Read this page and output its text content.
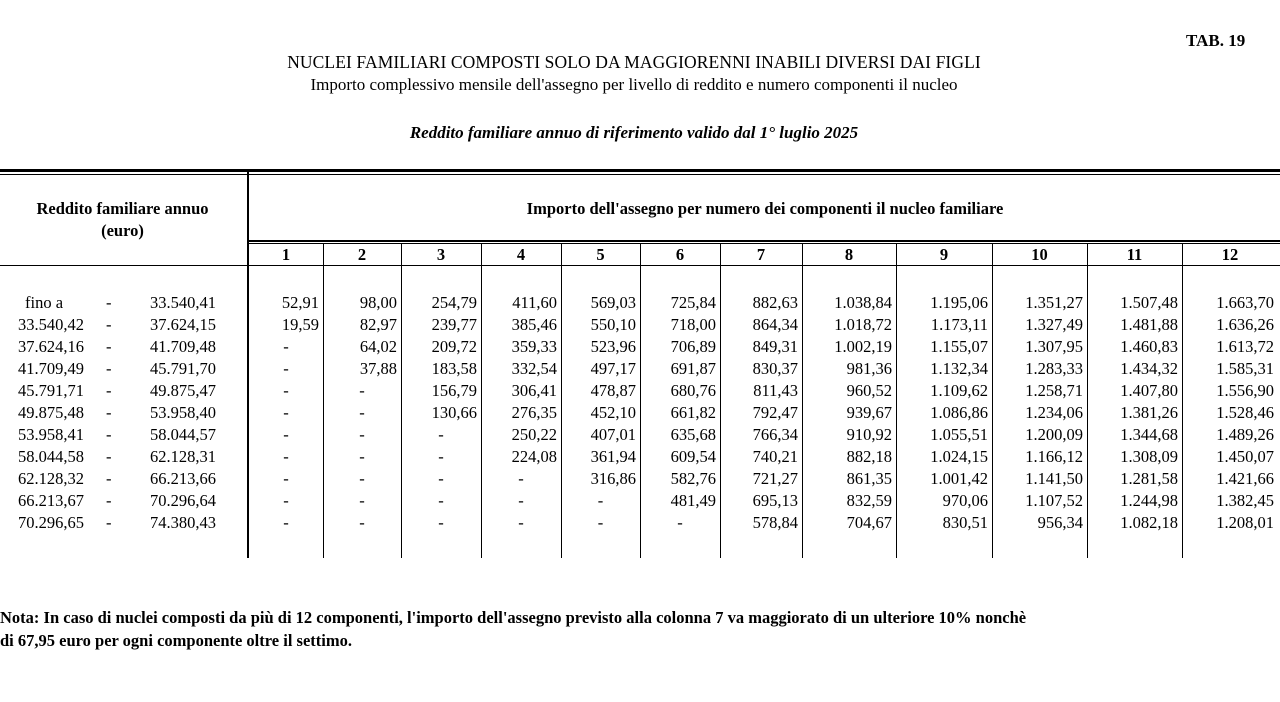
TAB. 19
NUCLEI FAMILIARI COMPOSTI SOLO DA MAGGIORENNI INABILI DIVERSI DAI FIGLI
Importo complessivo mensile dell'assegno per livello di reddito e numero componenti il nucleo
Reddito familiare annuo di riferimento valido dal 1° luglio 2025
Reddito familiare annuo
(euro)
Importo dell'assegno per numero dei componenti il nucleo familiare
1	2	3	4	5	6	7	8	9	10	11	12
fino a	- 33.540,41	52,91	98,00	254,79	411,60	569,03	725,84	882,63	1.038,84	1.195,06	1.351,27	1.507,48	1.663,70
33.540,42 - 37.624,15	19,59	82,97	239,77	385,46	550,10	718,00	864,34	1.018,72	1.173,11	1.327,49	1.481,88	1.636,26
37.624,16 - 41.709,48	-	64,02	209,72	359,33	523,96	706,89	849,31	1.002,19	1.155,07	1.307,95	1.460,83	1.613,72
41.709,49 - 45.791,70	-	37,88	183,58	332,54	497,17	691,87	830,37	981,36	1.132,34	1.283,33	1.434,32	1.585,31
45.791,71 - 49.875,47	-	-	156,79	306,41	478,87	680,76	811,43	960,52	1.109,62	1.258,71	1.407,80	1.556,90
49.875,48 - 53.958,40	-	-	130,66	276,35	452,10	661,82	792,47	939,67	1.086,86	1.234,06	1.381,26	1.528,46
53.958,41 - 58.044,57	-	-	-	250,22	407,01	635,68	766,34	910,92	1.055,51	1.200,09	1.344,68	1.489,26
58.044,58 - 62.128,31	-	-	-	224,08	361,94	609,54	740,21	882,18	1.024,15	1.166,12	1.308,09	1.450,07
62.128,32 - 66.213,66	-	-	-	-	316,86	582,76	721,27	861,35	1.001,42	1.141,50	1.281,58	1.421,66
66.213,67 - 70.296,64	-	-	-	-	-	481,49	695,13	832,59	970,06	1.107,52	1.244,98	1.382,45
70.296,65 - 74.380,43	-	-	-	-	-	-	578,84	704,67	830,51	956,34	1.082,18	1.208,01
Nota: In caso di nuclei composti da più di 12 componenti, l'importo dell'assegno previsto alla colonna 7 va maggiorato di un ulteriore 10% nonchè
di 67,95 euro per ogni componente oltre il settimo.
